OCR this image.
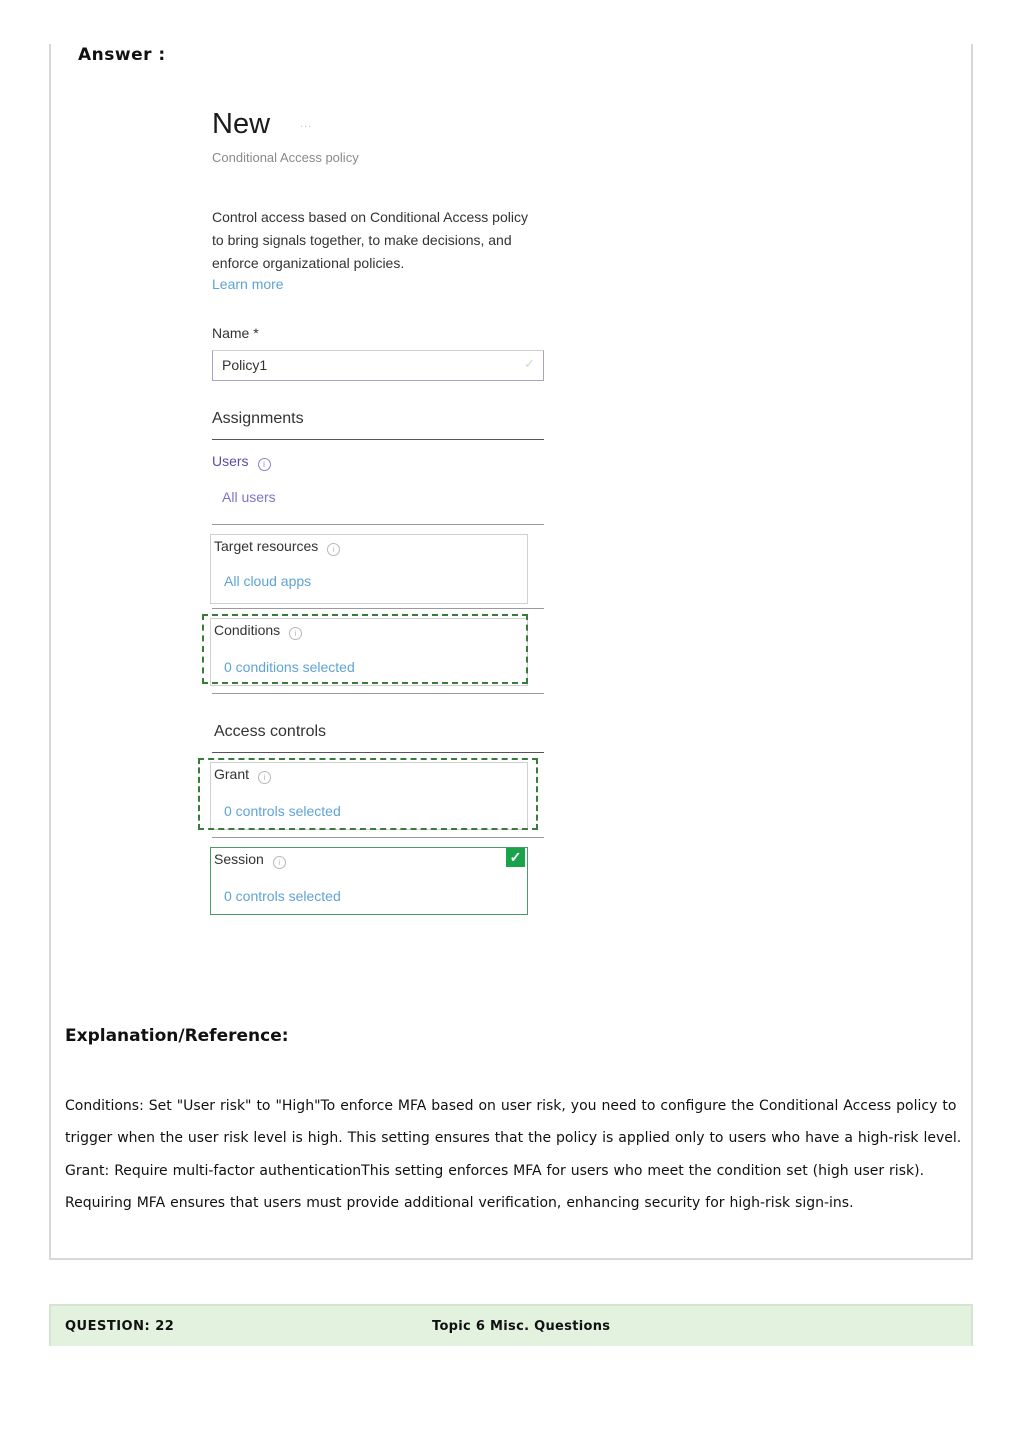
Answer :
New	...
Conditional Access policy
Control access based on Conditional Access policy to bring signals together, to make decisions, and enforce organizational policies.
Learn more
Name *
Policy1	✓
Assignments
Users i
All users
Target resources i
All cloud apps
Conditions i
0 conditions selected
Access controls
Grant i
0 controls selected
Session i
0 controls selected
✓
Explanation/Reference:
Conditions: Set "User risk" to "High"To enforce MFA based on user risk, you need to configure the Conditional Access policy to
trigger when the user risk level is high. This setting ensures that the policy is applied only to users who have a high-risk level.
Grant: Require multi-factor authenticationThis setting enforces MFA for users who meet the condition set (high user risk).
Requiring MFA ensures that users must provide additional verification, enhancing security for high-risk sign-ins.
QUESTION: 22	Topic 6 Misc. Questions
